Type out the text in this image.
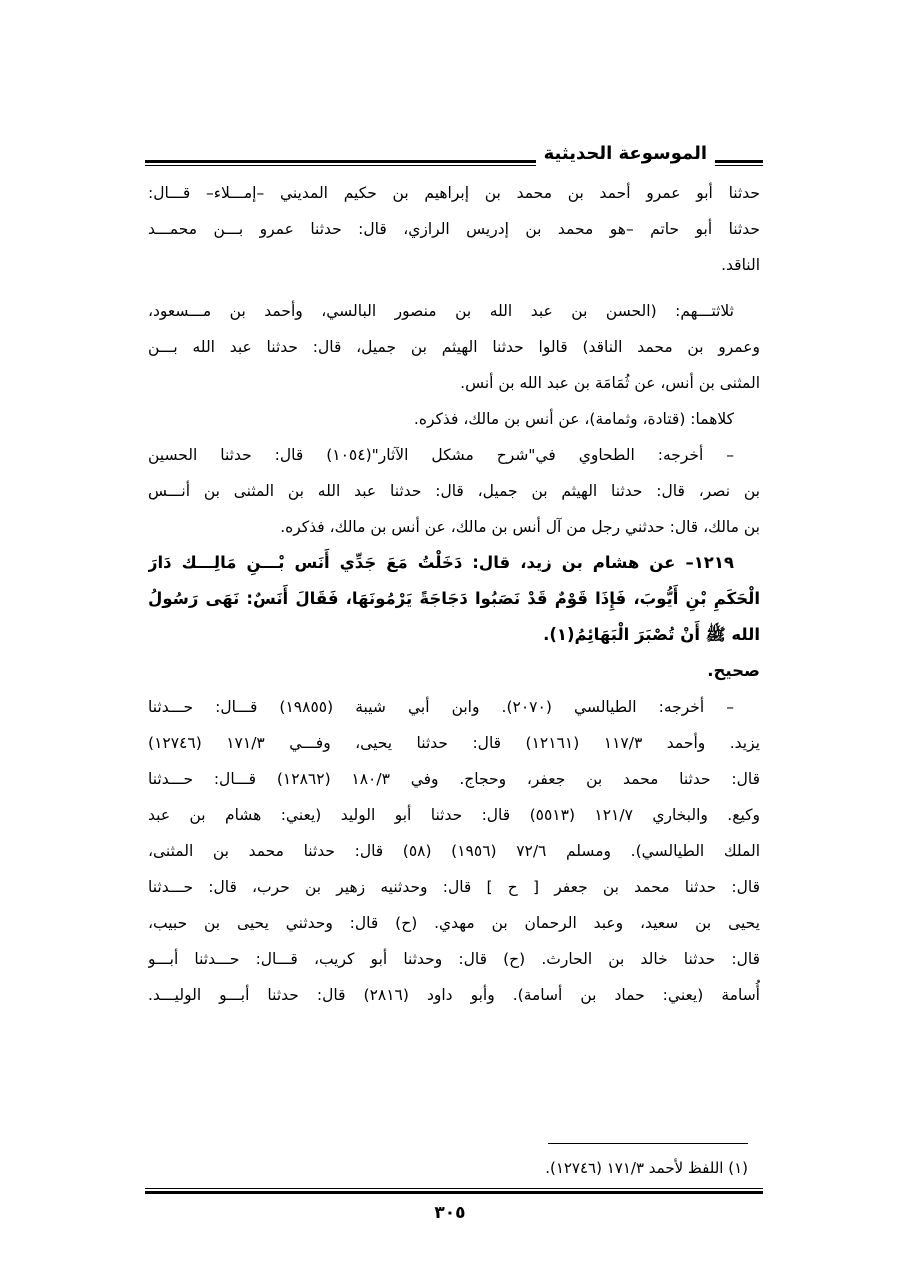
الموسوعة الحديثية
حدثنا أبو عمرو أحمد بن محمد بن إبراهيم بن حكيم المديني –إمـــلاء– قـــال:
حدثنا أبو حاتم –هو محمد بن إدريس الرازي، قال: حدثنا عمرو بـــن محمـــد
الناقد.
ثلاثتـــهم: (الحسن بن عبد الله بن منصور البالسي، وأحمد بن مـــسعود،
وعمرو بن محمد الناقد) قالوا حدثنا الهيثم بن جميل، قال: حدثنا عبد الله بـــن
المثنى بن أنس، عن ثُمَامَة بن عبد الله بن أنس.
كلاهما: (قتادة، وثمامة)، عن أنس بن مالك، فذكره.
– أخرجه: الطحاوي في"شرح مشكل الآثار"(١٠٥٤) قال: حدثنا الحسين
بن نصر، قال: حدثنا الهيثم بن جميل، قال: حدثنا عبد الله بن المثنى بن أنـــس
بن مالك، قال: حدثني رجل من آل أنس بن مالك، عن أنس بن مالك، فذكره.
١٢١٩– عن هشام بن زيد، قال: دَخَلْتُ مَعَ جَدِّي أَنَس بْـــنِ مَالِـــك دَارَ
الْحَكَمِ بْنِ أَيُّوبَ، فَإِذَا قَوْمٌ قَدْ نَصَبُوا دَجَاجَةً يَرْمُونَهَا، فَقَالَ أَنَسٌ: نَهَى رَسُولُ
الله ﷺ أَنْ تُصْبَرَ الْبَهَائِمُ(١).
صحيح.
– أخرجه: الطيالسي (٢٠٧٠). وابن أبي شيبة (١٩٨٥٥) قـــال: حـــدثنا
يزيد. وأحمد ١١٧/٣ (١٢١٦١) قال: حدثنا يحيى، وفـــي ١٧١/٣ (١٢٧٤٦)
قال: حدثنا محمد بن جعفر، وحجاج. وفي ١٨٠/٣ (١٢٨٦٢) قـــال: حـــدثنا
وكيع. والبخاري ١٢١/٧ (٥٥١٣) قال: حدثنا أبو الوليد (يعني: هشام بن عبد
الملك الطيالسي). ومسلم ٧٢/٦ (١٩٥٦) (٥٨) قال: حدثنا محمد بن المثنى،
قال: حدثنا محمد بن جعفر [ ح ] قال: وحدثنيه زهير بن حرب، قال: حـــدثنا
يحيى بن سعيد، وعبد الرحمان بن مهدي. (ح) قال: وحدثني يحيى بن حبيب،
قال: حدثنا خالد بن الحارث. (ح) قال: وحدثنا أبو كريب، قـــال: حـــدثنا أبـــو
أُسامة (يعني: حماد بن أسامة). وأبو داود (٢٨١٦) قال: حدثنا أبـــو الوليـــد.
(١) اللفظ لأحمد ١٧١/٣ (١٢٧٤٦).
٣٠٥
